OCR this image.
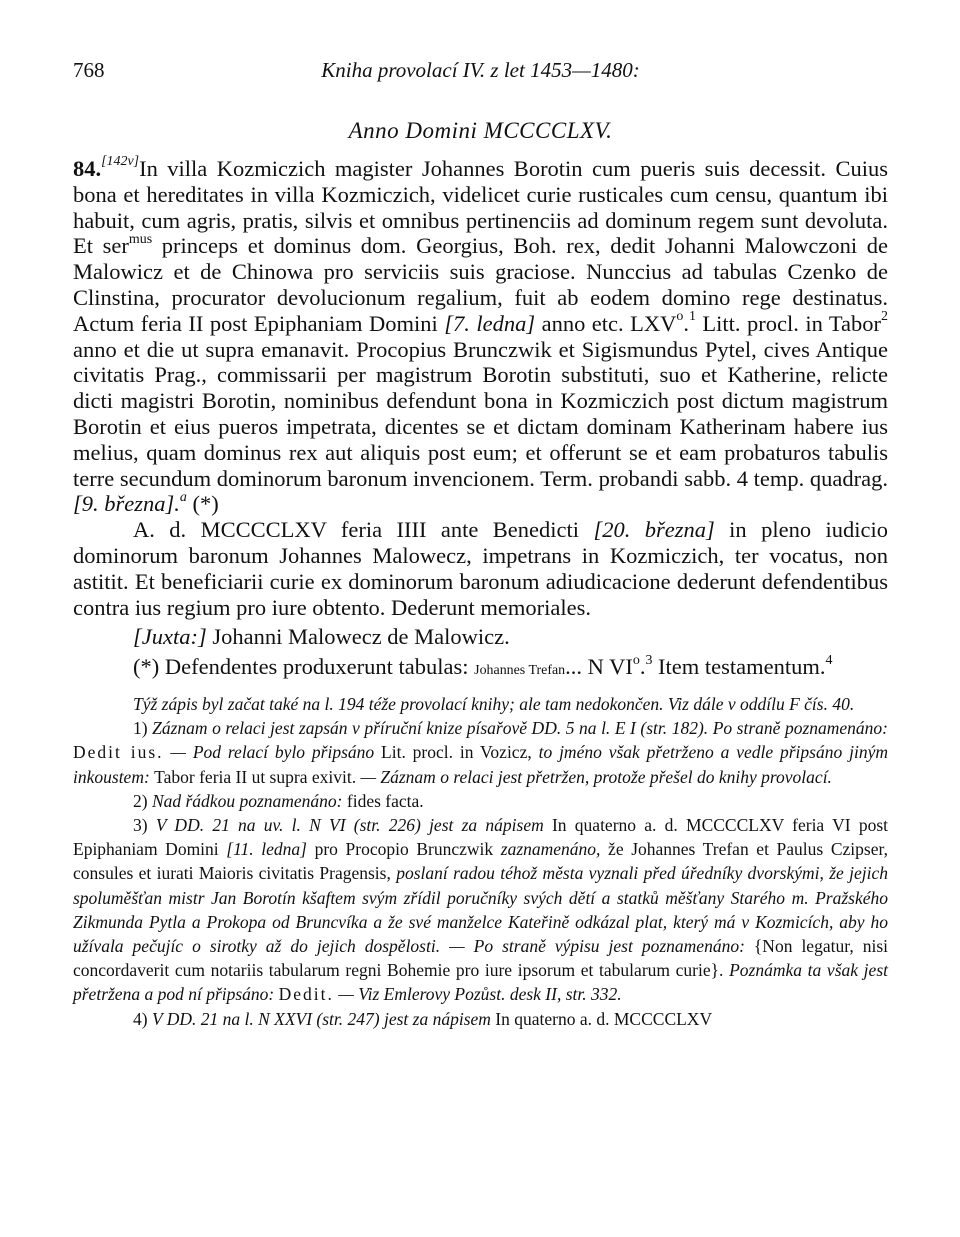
768	Kniha provolací IV. z let 1453—1480:
Anno Domini MCCCCLXV.

84.[142v]In villa Kozmiczich magister Johannes Borotin cum pueris suis decessit. Cuius bona et hereditates in villa Kozmiczich, videlicet curie rusticales cum censu, quantum ibi habuit, cum agris, pratis, silvis et omnibus pertinenciis ad dominum regem sunt devoluta. Et ser$^{mus}$ princeps et dominus dom. Georgius, Boh. rex, dedit Johanni Malowczoni de Malowicz et de Chinowa pro serviciis suis graciose. Nunccius ad tabulas Czenko de Clinstina, procurator devolucionum regalium, fuit ab eodem domino rege destinatus. Actum feria II post Epiphaniam Domini [7. ledna] anno etc. LXV$^o$.$^1$ Litt. procl. in Tabor$^2$ anno et die ut supra emanavit. Procopius Brunczwik et Sigismundus Pytel, cives Antique civitatis Prag., commissarii per magistrum Borotin substituti, suo et Katherine, relicte dicti magistri Borotin, nominibus defendunt bona in Kozmiczich post dictum magistrum Borotin et eius pueros impetrata, dicentes se et dictam dominam Katherinam habere ius melius, quam dominus rex aut aliquis post eum; et offerunt se et eam probaturos tabulis terre secundum dominorum baronum invencionem. Term. probandi sabb. 4 temp. quadrag. [9. března].$^a$ (*)

A. d. MCCCCLXV feria IIII ante Benedicti [20. března] in pleno iudicio dominorum baronum Johannes Malowecz, impetrans in Kozmiczich, ter vocatus, non astitit. Et beneficiarii curie ex dominorum baronum adiudicacione dederunt defendentibus contra ius regium pro iure obtento. Dederunt memoriales.

[Juxta:] Johanni Malowecz de Malowicz.

(*) Defendentes produxerunt tabulas: Johannes Trefan... N $VI^o.^3$ Item testamentum.$^4$

Týž zápis byl začat také na l. 194 téže provolací knihy; ale tam nedokončen. Viz dále v oddílu F čís. 40.

1) Záznam o relaci jest zapsán v příruční knize písařově DD. 5 na l. E I (str. 182). Po straně poznamenáno: Dedit ius. — Pod relací bylo připsáno Lit. procl. in Vozicz, to jméno však přetrženo a vedle připsáno jiným inkoustem: Tabor feria II ut supra exivit. — Záznam o relaci jest přetržen, protože přešel do knihy provolací.

2) Nad řádkou poznamenáno: fides facta.

3) V DD. 21 na uv. l. N VI (str. 226) jest za nápisem In quaterno a. d. MCCCCLXV feria VI post Epiphaniam Domini [11. ledna] pro Procopio Brunczwik zaznamenáno, že Johannes Trefan et Paulus Czipser, consules et iurati Maioris civitatis Pragensis, poslaní radou téhož města vyznali před úředníky dvorskými, že jejich spoluměšťan mistr Jan Borotín kšaftem svým zřídil poručníky svých dětí a statků měšťany Starého m. Pražského Zikmunda Pytla a Prokopa od Bruncvíka a že své manželce Kateřině odkázal plat, který má v Kozmicích, aby ho užívala pečujíc o sirotky až do jejich dospělosti. — Po straně výpisu jest poznamenáno: {Non legatur, nisi concordaverit cum notariis tabularum regni Bohemie pro iure ipsorum et tabularum curie}. Poznámka ta však jest přetržena a pod ní připsáno: Dedit. — Viz Emlerovy Pozůst. desk II, str. 332.

4) V DD. 21 na l. N XXVI (str. 247) jest za nápisem In quaterno a. d. MCCCCLXV
